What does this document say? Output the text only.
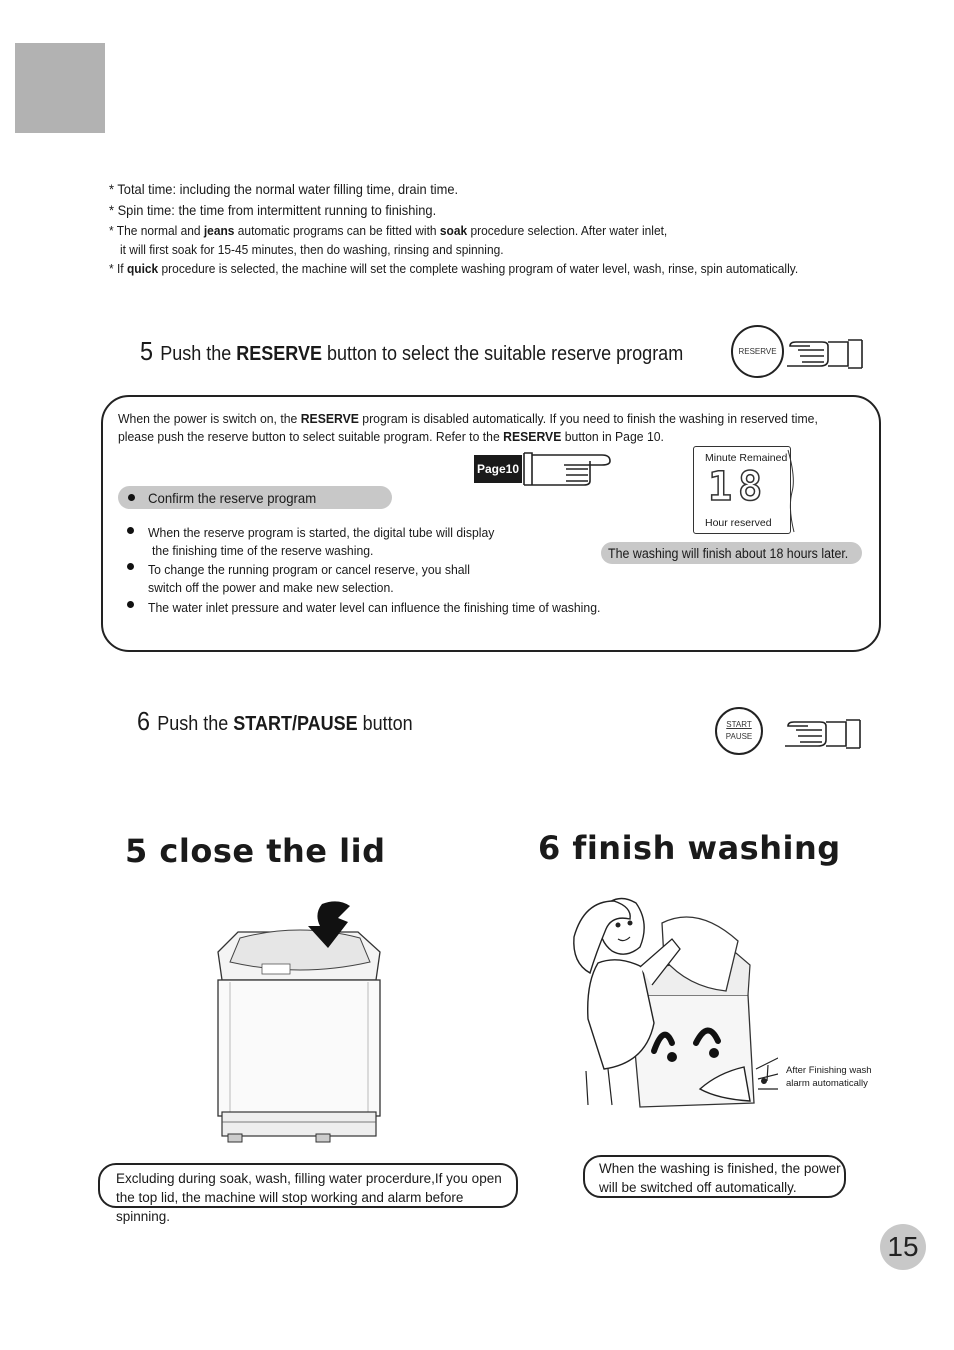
* Total time: including the normal water filling time, drain time.
* Spin time: the time from intermittent running to finishing.
* The normal and jeans automatic programs can be fitted with soak procedure selection. After water inlet,
it will first soak for 15-45 minutes, then do washing, rinsing and spinning.
* If quick procedure is selected, the machine will set the complete washing program of water level, wash, rinse, spin automatically.
5 Push the RESERVE button to select the suitable reserve program	RESERVE
When the power is switch on, the RESERVE program is disabled automatically. If you need to finish the washing in reserved time,
please push the reserve button to select suitable program. Refer to the RESERVE button in Page 10.
Page10
Confirm the reserve program
When the reserve program is started, the digital tube will display
the finishing time of the reserve washing.
To change the running program or cancel reserve, you shall
switch off the power and make new selection.
The water inlet pressure and water level can influence the finishing time of washing.
Minute Remained
18
Hour reserved
The washing will finish about 18 hours later.
6 Push the START/PAUSE button	START
PAUSE
5 close the lid	6 finish washing
After Finishing wash
alarm automatically
Excluding during soak, wash, filling water procerdure,If you open the top lid, the machine will stop working and alarm before spinning.
When the washing is finished, the power will be switched off automatically.
15
